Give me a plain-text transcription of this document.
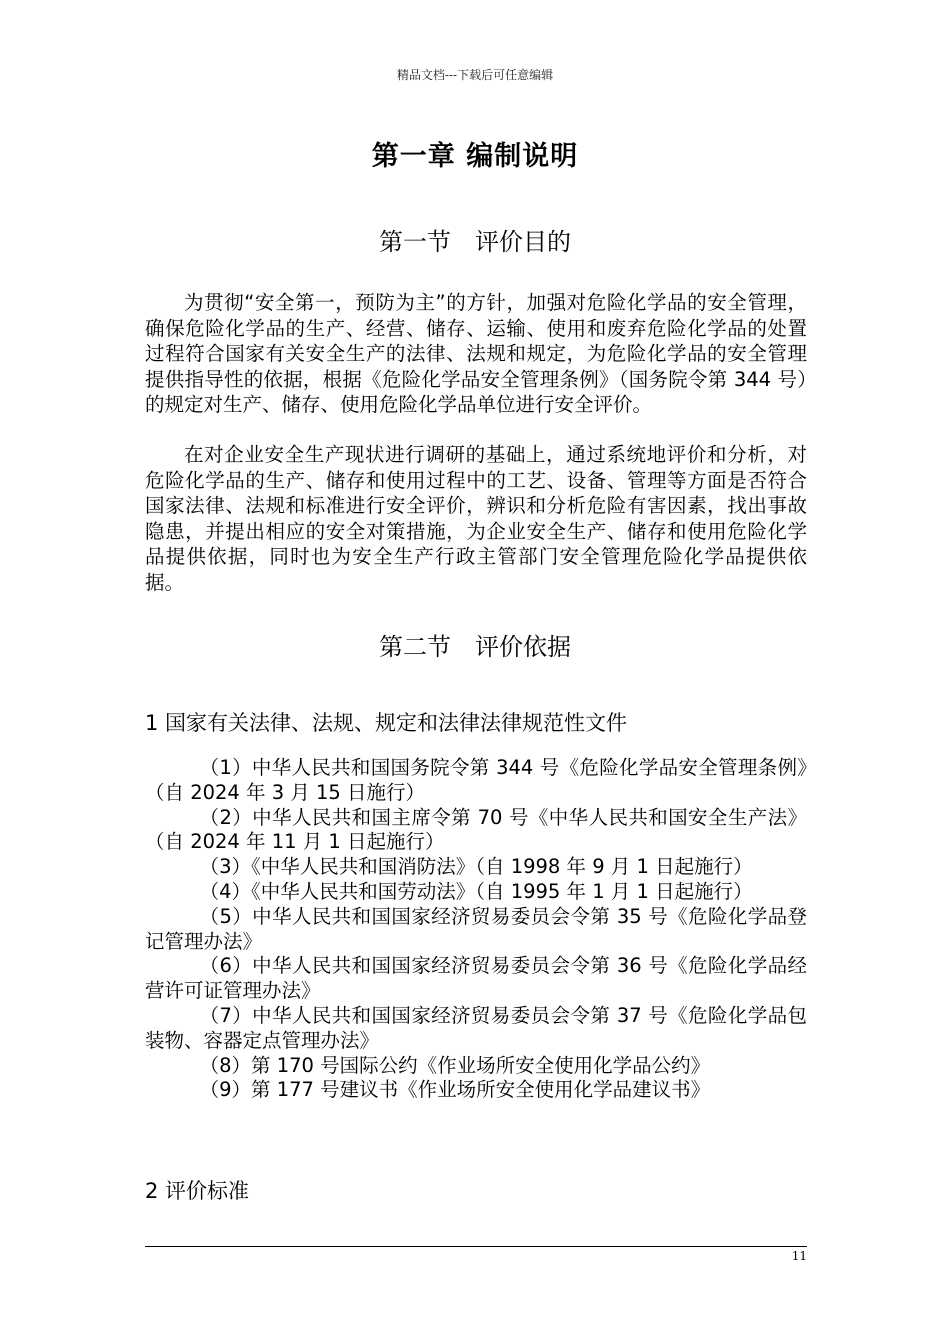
精品文档---下载后可任意编辑
第一章 编制说明
第一节　评价目的

为贯彻“安全第一，预防为主”的方针，加强对危险化学品的安全管理，确保危险化学品的生产、经营、储存、运输、使用和废弃危险化学品的处置过程符合国家有关安全生产的法律、法规和规定，为危险化学品的安全管理提供指导性的依据，根据《危险化学品安全管理条例》（国务院令第 344 号）的规定对生产、储存、使用危险化学品单位进行安全评价。

在对企业安全生产现状进行调研的基础上，通过系统地评价和分析，对危险化学品的生产、储存和使用过程中的工艺、设备、管理等方面是否符合国家法律、法规和标准进行安全评价，辨识和分析危险有害因素，找出事故隐患，并提出相应的安全对策措施，为企业安全生产、储存和使用危险化学品提供依据，同时也为安全生产行政主管部门安全管理危险化学品提供依据。

第二节　评价依据
1 国家有关法律、法规、规定和法律法律规范性文件
（1）中华人民共和国国务院令第 344 号《危险化学品安全管理条例》（自 2024 年 3 月 15 日施行）
（2）中华人民共和国主席令第 70 号《中华人民共和国安全生产法》（自 2024 年 11 月 1 日起施行）
（3）《中华人民共和国消防法》（自 1998 年 9 月 1 日起施行）
（4）《中华人民共和国劳动法》（自 1995 年 1 月 1 日起施行）
（5）中华人民共和国国家经济贸易委员会令第 35 号《危险化学品登记管理办法》
（6）中华人民共和国国家经济贸易委员会令第 36 号《危险化学品经营许可证管理办法》
（7）中华人民共和国国家经济贸易委员会令第 37 号《危险化学品包装物、容器定点管理办法》
（8）第 170 号国际公约《作业场所安全使用化学品公约》
（9）第 177 号建议书《作业场所安全使用化学品建议书》
2 评价标准
11
